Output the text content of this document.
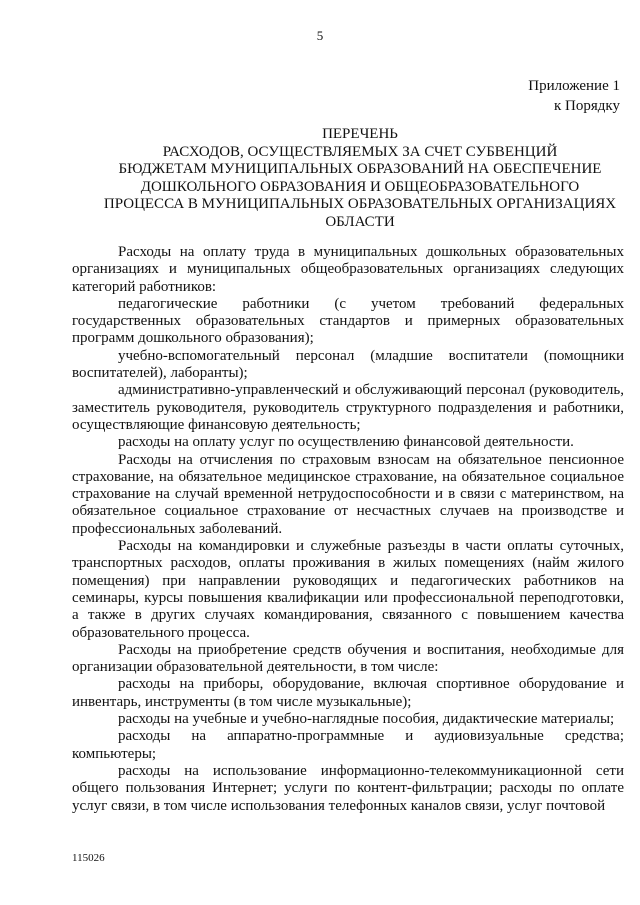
5
Приложение 1
к Порядку
ПЕРЕЧЕНЬ
РАСХОДОВ, ОСУЩЕСТВЛЯЕМЫХ ЗА СЧЕТ СУБВЕНЦИЙ
БЮДЖЕТАМ МУНИЦИПАЛЬНЫХ ОБРАЗОВАНИЙ НА ОБЕСПЕЧЕНИЕ
ДОШКОЛЬНОГО ОБРАЗОВАНИЯ И ОБЩЕОБРАЗОВАТЕЛЬНОГО
ПРОЦЕССА В МУНИЦИПАЛЬНЫХ ОБРАЗОВАТЕЛЬНЫХ ОРГАНИЗАЦИЯХ
ОБЛАСТИ

Расходы на оплату труда в муниципальных дошкольных образовательных организациях и муниципальных общеобразовательных организациях следующих категорий работников:

педагогические работники (с учетом требований федеральных государственных образовательных стандартов и примерных образовательных программ дошкольного образования);

учебно-вспомогательный персонал (младшие воспитатели (помощники воспитателей), лаборанты);

административно-управленческий и обслуживающий персонал (руководитель, заместитель руководителя, руководитель структурного подразделения и работники, осуществляющие финансовую деятельность;

расходы на оплату услуг по осуществлению финансовой деятельности.

Расходы на отчисления по страховым взносам на обязательное пенсионное страхование, на обязательное медицинское страхование, на обязательное социальное страхование на случай временной нетрудоспособности и в связи с материнством, на обязательное социальное страхование от несчастных случаев на производстве и профессиональных заболеваний.

Расходы на командировки и служебные разъезды в части оплаты суточных, транспортных расходов, оплаты проживания в жилых помещениях (найм жилого помещения) при направлении руководящих и педагогических работников на семинары, курсы повышения квалификации или профессиональной переподготовки, а также в других случаях командирования, связанного с повышением качества образовательного процесса.

Расходы на приобретение средств обучения и воспитания, необходимые для организации образовательной деятельности, в том числе:

расходы на приборы, оборудование, включая спортивное оборудование и инвентарь, инструменты (в том числе музыкальные);

расходы на учебные и учебно-наглядные пособия, дидактические материалы;

расходы на аппаратно-программные и аудиовизуальные средства; компьютеры;

расходы на использование информационно-телекоммуникационной сети общего пользования Интернет; услуги по контент-фильтрации; расходы по оплате услуг связи, в том числе использования телефонных каналов связи, услуг почтовой

115026
